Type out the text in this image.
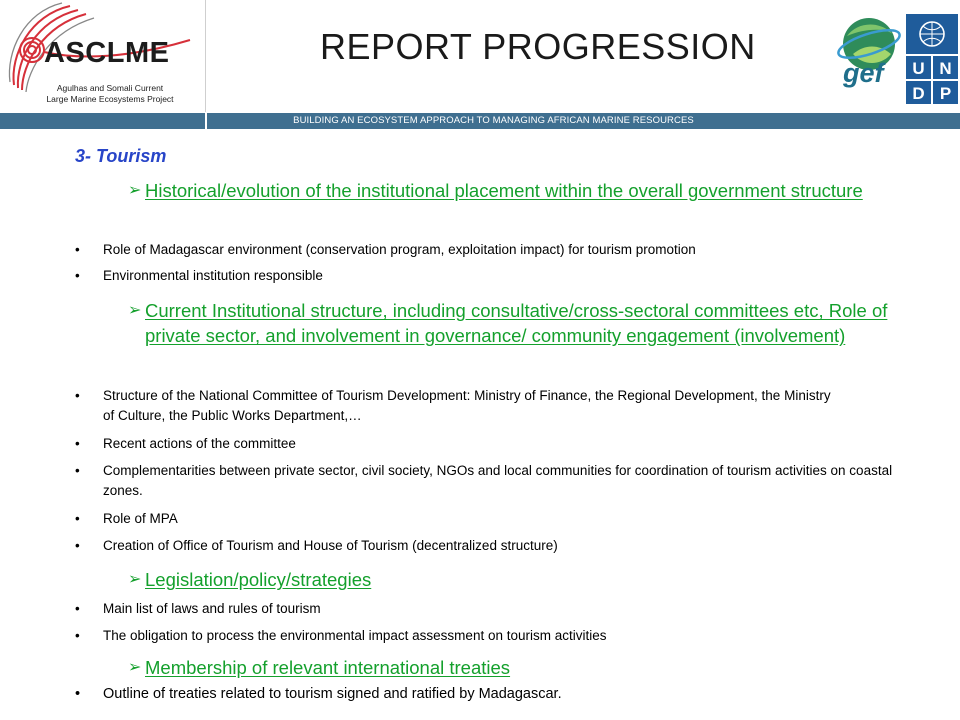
ASCLME
Agulhas and Somali Current
Large Marine Ecosystems Project
REPORT PROGRESSION
gef U N
D P
BUILDING AN ECOSYSTEM APPROACH TO MANAGING AFRICAN MARINE RESOURCES
3- Tourism
➢ Historical/evolution of the institutional placement within the overall government structure
• Role of Madagascar environment (conservation program, exploitation impact) for tourism promotion
• Environmental institution responsible
➢ Current Institutional structure, including consultative/cross-sectoral committees etc, Role of private sector, and involvement in governance/ community engagement (involvement)
• Structure of the National Committee of Tourism Development: Ministry of Finance, the Regional Development, the Ministry of Culture, the Public Works Department,…
• Recent actions of the committee
• Complementarities between private sector, civil society, NGOs and local communities for coordination of tourism activities on coastal zones.
• Role of MPA
• Creation of Office of Tourism and House of Tourism (decentralized structure)
➢ Legislation/policy/strategies
• Main list of laws and rules of tourism
• The obligation to process the environmental impact assessment on tourism activities
➢ Membership of relevant international treaties
• Outline of treaties related to tourism signed and ratified by Madagascar.
